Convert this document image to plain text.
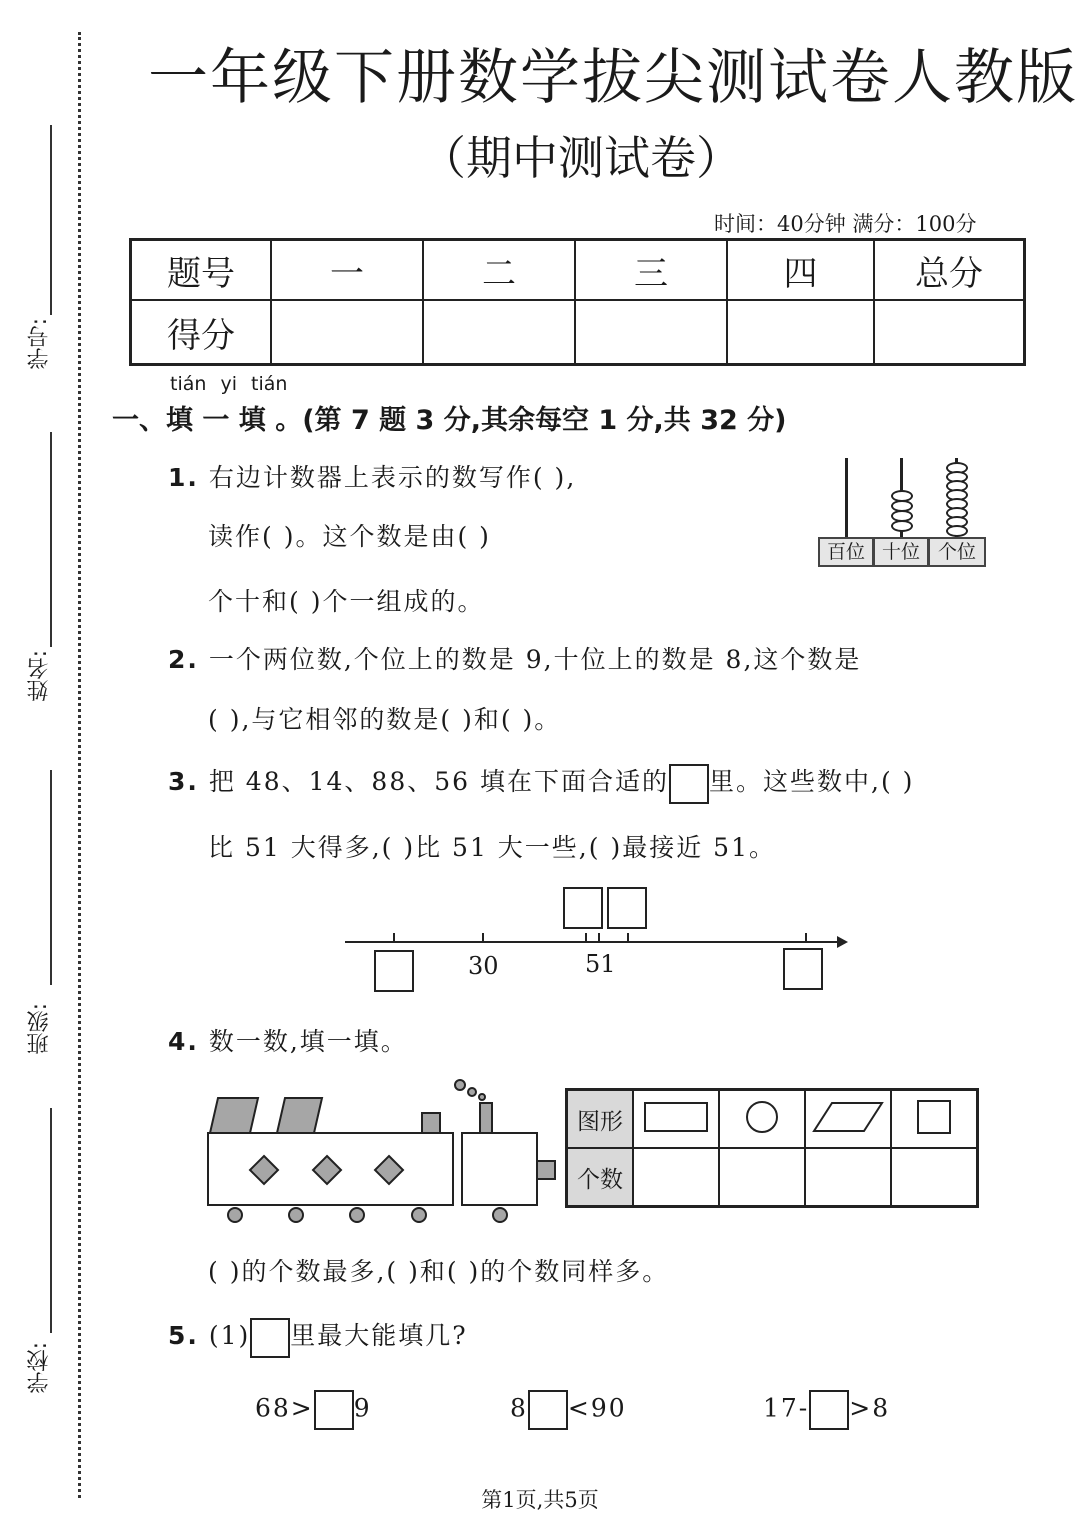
学号:
姓名:
班级:
学校:
一年级下册数学拔尖测试卷人教版
（期中测试卷）
时间：40分钟 满分：100分
题号	一	二	三	四	总分
得分					
tián yi tián
一、填 一 填 。(第 7 题 3 分,其余每空 1 分,共 32 分)
1. 右边计数器上表示的数写作( ),
读作( )。这个数是由( )
个十和( )个一组成的。
百位 十位 个位
2. 一个两位数,个位上的数是 9,十位上的数是 8,这个数是
( ),与它相邻的数是( )和( )。
3. 把 48、14、88、56 填在下面合适的 里。这些数中,( )
比 51 大得多,( )比 51 大一些,( )最接近 51。
30	51
4. 数一数,填一填。
图形				
个数				
( )的个数最多,( )和( )的个数同样多。
5. (1) 里最大能填几?
68> 9	8 <90	17- >8
第1页,共5页
